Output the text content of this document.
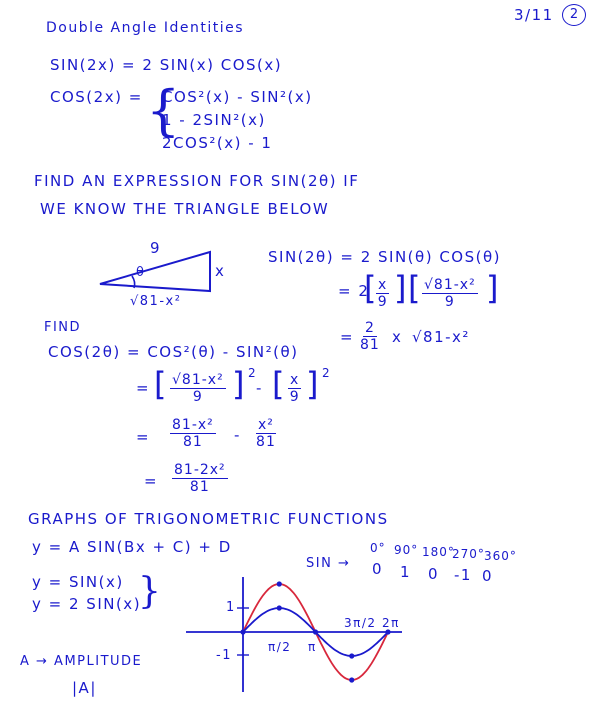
3/11	2
Double Angle Identities
SIN(2x) = 2 SIN(x) COS(x)
COS(2x) = {
COS²(x) - SIN²(x)
1 - 2SIN²(x)
2COS²(x) - 1
FIND AN EXPRESSION FOR SIN(2θ) IF
WE KNOW THE TRIANGLE BELOW
9
x
θ
√81-x²
SIN(2θ) = 2 SIN(θ) COS(θ)
= 2
[ $\frac{x}{9}$ ] [ $\frac{\text{√81-x²}}{9}$ ]
= $\frac{2}{81}$ x √81-x²
FIND
COS(2θ) = COS²(θ) - SIN²(θ)
= [ $\frac{\text{√81-x²}}{9}$ ] 2
- [ $\frac{x}{9}$ ] 2
= $\frac{\text{81-x²}}{81} - \frac{\text{x²}}{81}$
= $\frac{\text{81-2x²}}{81}$
GRAPHS OF TRIGONOMETRIC FUNCTIONS
y = A SIN(Bx + C) + D	0° 90° 180°
270° 360°
SIN → 0 1 0 -1 0
y = SIN(x)
y = 2 SIN(x)
}
A → AMPLITUDE
|A|
1
-1
π/2 π
3π/2 2π
